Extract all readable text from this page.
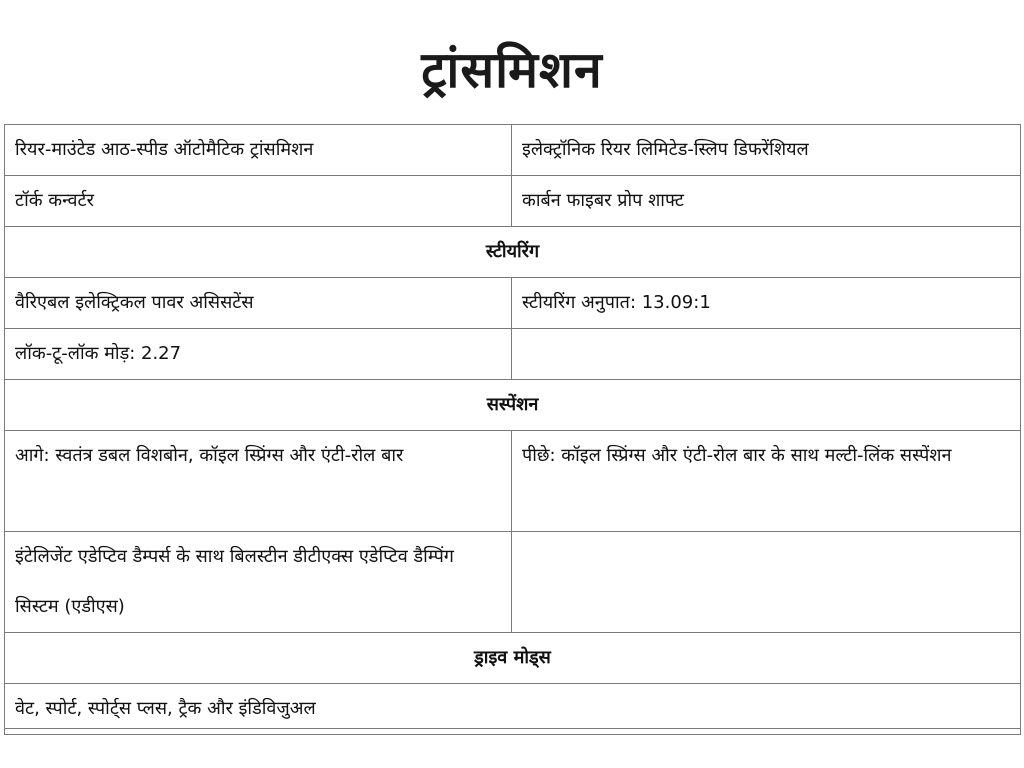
ट्रांसमिशन
रियर-माउंटेड आठ-स्पीड ऑटोमैटिक ट्रांसमिशन	इलेक्ट्रॉनिक रियर लिमिटेड-स्लिप डिफरेंशियल
टॉर्क कन्वर्टर	कार्बन फाइबर प्रोप शाफ्ट
स्टीयरिंग	
वैरिएबल इलेक्ट्रिकल पावर असिसटेंस	स्टीयरिंग अनुपात: 13.09:1
लॉक-टू-लॉक मोड़: 2.27	
सस्पेंशन	
आगे: स्वतंत्र डबल विशबोन, कॉइल स्प्रिंग्स और एंटी-रोल बार	पीछे: कॉइल स्प्रिंग्स और एंटी-रोल बार के साथ मल्टी-लिंक सस्पेंशन
इंटेलिजेंट एडेप्टिव डैम्पर्स के साथ बिलस्टीन डीटीएक्स एडेप्टिव डैम्पिंग सिस्टम (एडीएस)	
ड्राइव मोड्स	
वेट, स्पोर्ट, स्पोर्ट्स प्लस, ट्रैक और इंडिविजुअल	
